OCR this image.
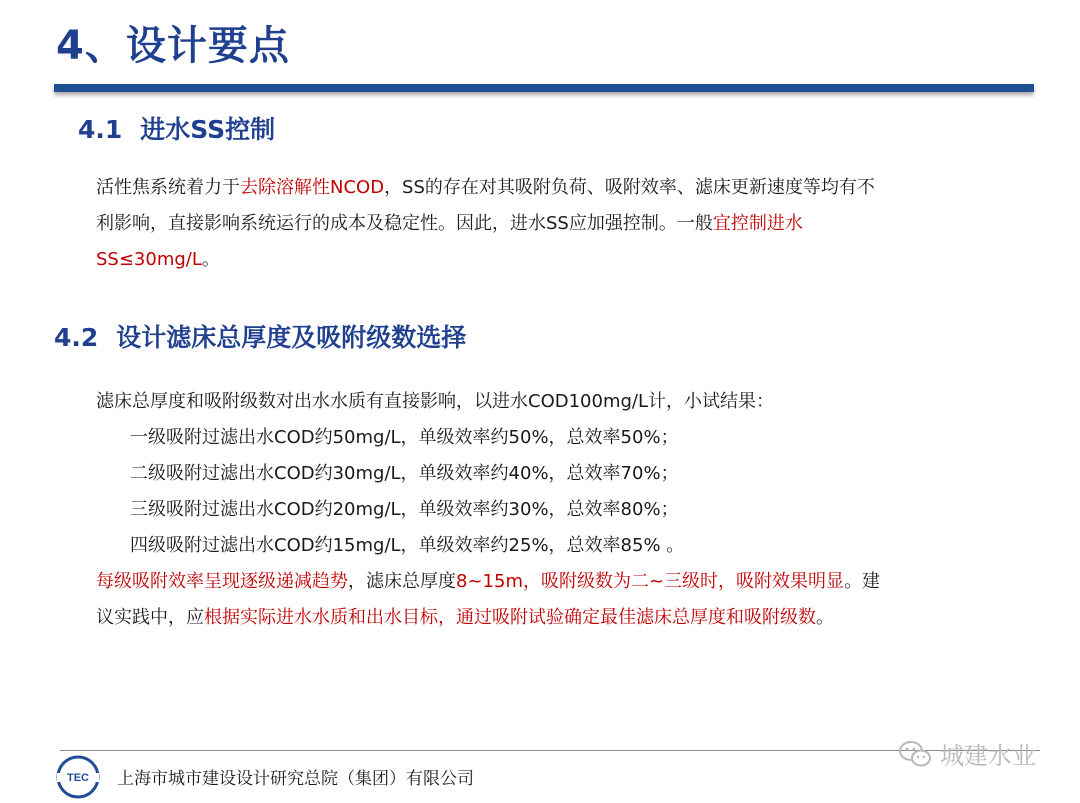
4、设计要点
4.1 进水SS控制

活性焦系统着力于去除溶解性NCOD，SS的存在对其吸附负荷、吸附效率、滤床更新速度等均有不
利影响，直接影响系统运行的成本及稳定性。因此，进水SS应加强控制。一般宜控制进水
SS≤30mg/L。

4.2 设计滤床总厚度及吸附级数选择
滤床总厚度和吸附级数对出水水质有直接影响，以进水COD100mg/L计，小试结果：
一级吸附过滤出水COD约50mg/L，单级效率约50%，总效率50%；
二级吸附过滤出水COD约30mg/L，单级效率约40%，总效率70%；
三级吸附过滤出水COD约20mg/L，单级效率约30%，总效率80%；
四级吸附过滤出水COD约15mg/L，单级效率约25%，总效率85% 。
每级吸附效率呈现逐级递减趋势，滤床总厚度8~15m，吸附级数为二~三级时，吸附效果明显。建
议实践中，应根据实际进水水质和出水目标，通过吸附试验确定最佳滤床总厚度和吸附级数。
TEC 上海市城市建设设计研究总院（集团）有限公司

城建水业
